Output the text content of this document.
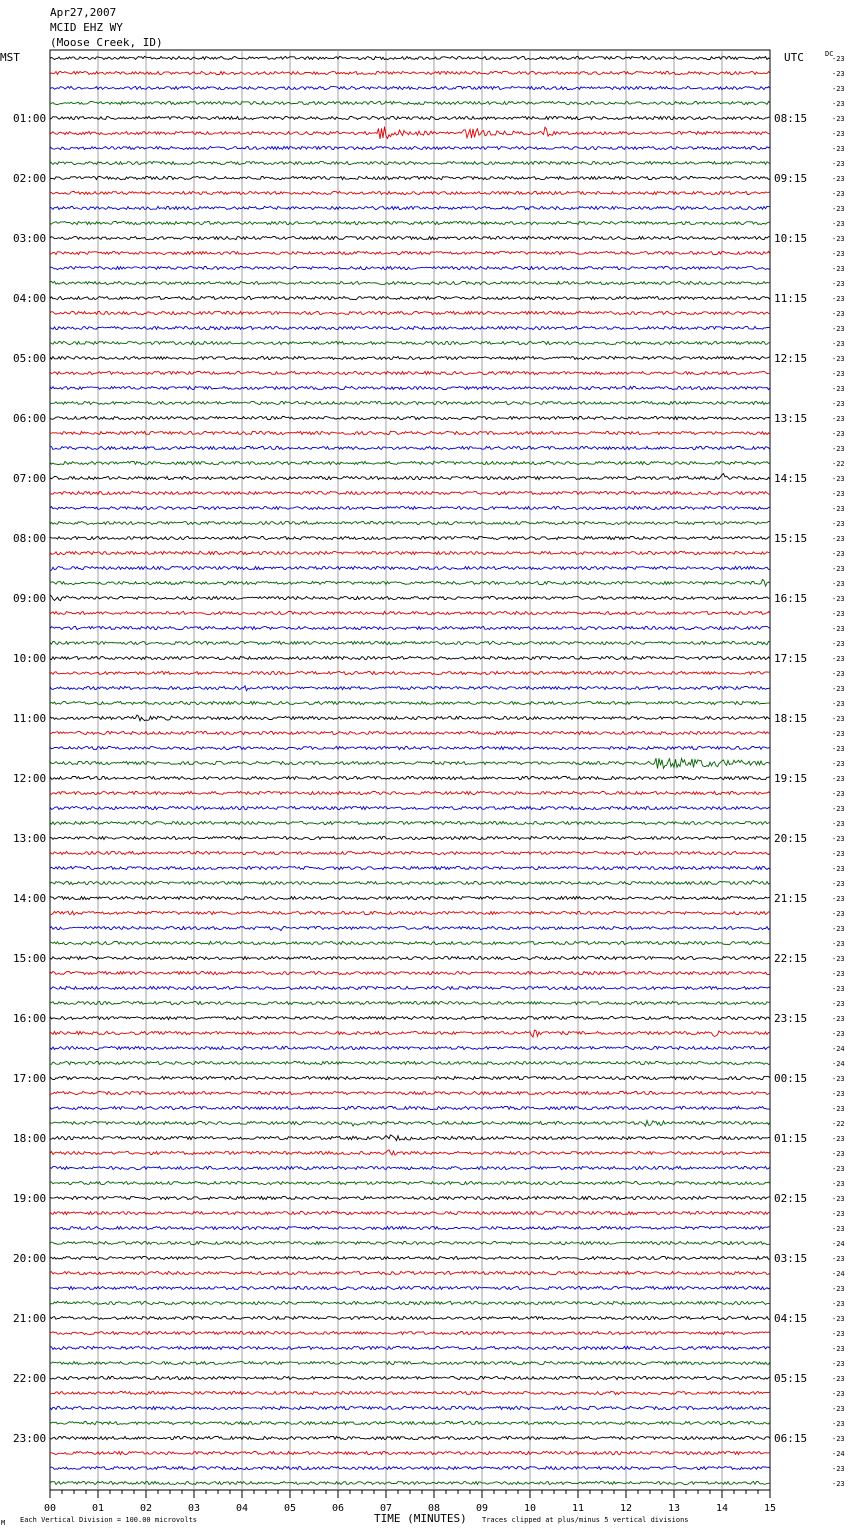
Apr27,2007
MCID EHZ WY
(Moose Creek, ID)
MST	UTC	DC
01:00
02:00
03:00
04:00
05:00
06:00
07:00
08:00
09:00
10:00
11:00
12:00
13:00
14:00
15:00
16:00
17:00
18:00
19:00
20:00
21:00
22:00
23:00
08:15
09:15
10:15
11:15
12:15
13:15
14:15
15:15
16:15
17:15
18:15
19:15
20:15
21:15
22:15
23:15
00:15
01:15
02:15
03:15
04:15
05:15
06:15
-23
-23
-23
-23
-23
-23
-23
-23
-23
-23
-23
-23
-23
-23
-23
-23
-23
-23
-23
-23
-23
-23
-23
-23
-23
-23
-23
-22
-23
-23
-23
-23
-23
-23
-23
-23
-23
-23
-23
-23
-23
-23
-23
-23
-23
-23
-23
-23
-23
-23
-23
-23
-23
-23
-23
-23
-23
-23
-23
-23
-23
-23
-23
-23
-23
-23
-24
-24
-23
-23
-23
-22
-23
-23
-23
-23
-23
-23
-23
-24
-23
-24
-23
-23
-23
-23
-23
-23
-23
-23
-23
-23
-23
-24
-23
-23
00	01	02	03	04	05	06	07	08	09	10	11	12	13	14	15
M Each Vertical Division = 100.00 microvolts	TIME (MINUTES) Traces clipped at plus/minus 5 vertical divisions
